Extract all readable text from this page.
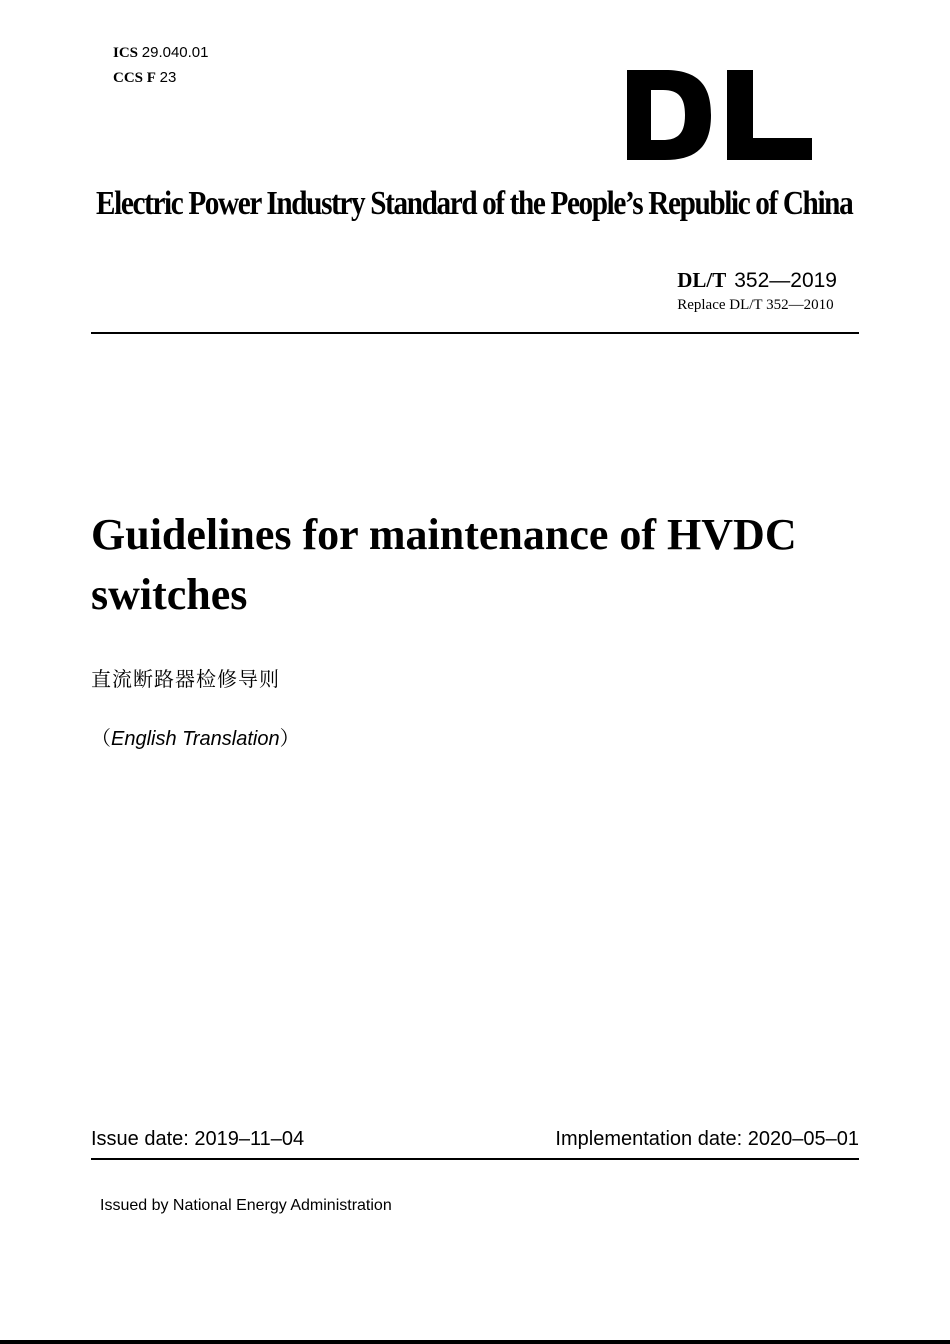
ICS 29.040.01
CCS F 23
Electric Power Industry Standard of the People’s Republic of China
DL/T 352—2019
Replace DL/T 352—2010
Guidelines for maintenance of HVDC switches
直流断路器检修导则
（English Translation）
Issue date: 2019–11–04	Implementation date: 2020–05–01
Issued by National Energy Administration
